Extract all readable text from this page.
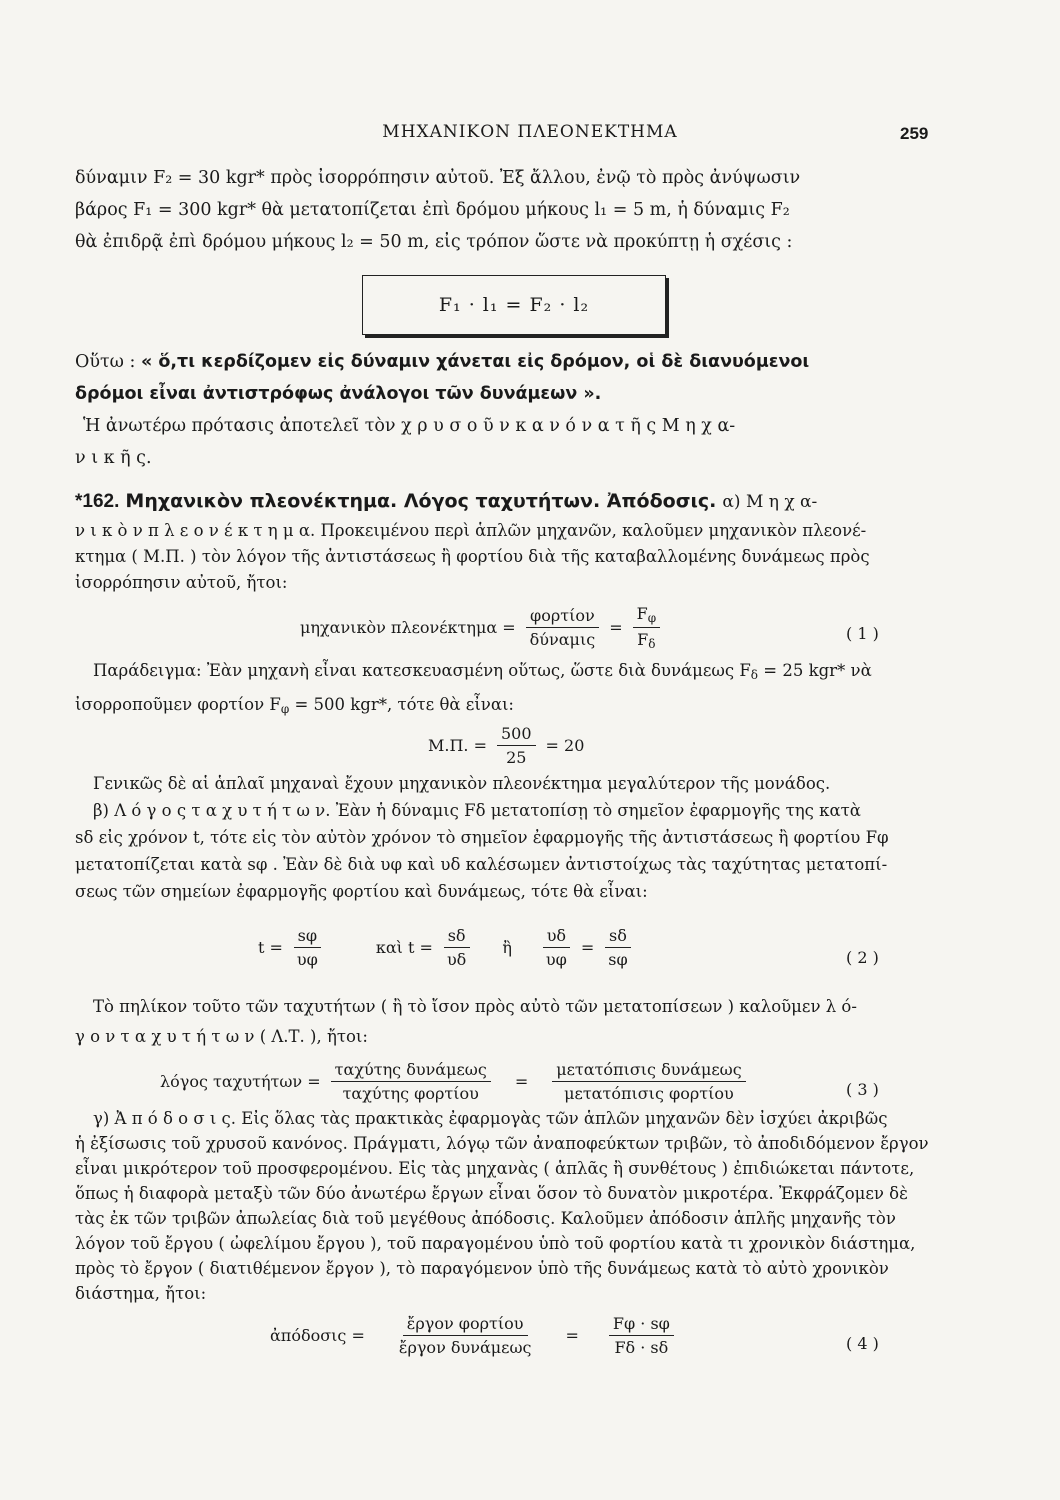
ΜΗΧΑΝΙΚΟΝ ΠΛΕΟΝΕΚΤΗΜΑ	259
δύναμιν F₂ = 30 kgr* πρὸς ἰσορρόπησιν αὐτοῦ. Ἐξ ἄλλου, ἐνῷ τὸ πρὸς ἀνύψωσιν
βάρος F₁ = 300 kgr* θὰ μετατοπίζεται ἐπὶ δρόμου μήκους l₁ = 5 m, ἡ δύναμις F₂
θὰ ἐπιδρᾷ ἐπὶ δρόμου μήκους l₂ = 50 m, εἰς τρόπον ὥστε νὰ προκύπτῃ ἡ σχέσις :
F₁ · l₁ = F₂ · l₂
Οὕτω : « ὅ,τι κερδίζομεν εἰς δύναμιν χάνεται εἰς δρόμον, οἱ δὲ διανυόμενοι
δρόμοι εἶναι ἀντιστρόφως ἀνάλογοι τῶν δυνάμεων ».
Ἡ ἀνωτέρω πρότασις ἀποτελεῖ τὸν χ ρ υ σ ο ῦ ν κ α ν ό ν α τ ῆ ς Μ η χ α-
ν ι κ ῆ ς.
*162. Μηχανικὸν πλεονέκτημα. Λόγος ταχυτήτων. Ἀπόδοσις. α) Μ η χ α-
ν ι κ ὸ ν π λ ε ο ν έ κ τ η μ α. Προκειμένου περὶ ἁπλῶν μηχανῶν, καλοῦμεν μηχανικὸν πλεονέ-
κτημα ( Μ.Π. ) τὸν λόγον τῆς ἀντιστάσεως ἢ φορτίου διὰ τῆς καταβαλλομένης δυνάμεως πρὸς
ἰσορρόπησιν αὐτοῦ, ἤτοι:
μηχανικὸν $\pi\lambda\varepsilon o\nu έ\kappa\tau\eta\mu\alpha = \frac{\text{φορτίον}}{\text{δύναμις}} = \frac{F_\varphi}{F_\delta}$	( 1 )
Παράδειγμα: Ἐὰν μηχανὴ εἶναι κατεσκευασμένη οὕτως, ὥστε διὰ δυνάμεως $F_\delta = 25$ kgr* νὰ
ἰσορροποῦμεν φορτίον $F_\varphi = 500$ kgr*, τότε θὰ εἶναι:
Μ.Π. = $\frac{500}{25} = 20$
Γενικῶς δὲ αἱ ἁπλαῖ μηχαναὶ ἔχουν μηχανικὸν πλεονέκτημα μεγαλύτερον τῆς μονάδος.
β) Λ ό γ ο ς τ α χ υ τ ή τ ω ν. Ἐὰν ἡ δύναμις Fδ μετατοπίσῃ τὸ σημεῖον ἐφαρμογῆς της κατὰ
sδ εἰς χρόνον t, τότε εἰς τὸν αὐτὸν χρόνον τὸ σημεῖον ἐφαρμογῆς τῆς ἀντιστάσεως ἢ φορτίου Fφ
μετατοπίζεται κατὰ sφ . Ἐὰν δὲ διὰ υφ καὶ υδ καλέσωμεν ἀντιστοίχως τὰς ταχύτητας μετατοπί-
σεως τῶν σημείων ἐφαρμογῆς φορτίου καὶ δυνάμεως, τότε θὰ εἶναι:
$t = \frac{s\varphi}{\upsilon\varphi}$	καὶ $t = \frac{s\delta}{\upsilon\delta}$ ἢ $\frac{\upsilon\delta}{\upsilon\varphi} = \frac{s\delta}{s\varphi}$	( 2 )
Τὸ πηλίκον τοῦτο τῶν ταχυτήτων ( ἢ τὸ ἴσον πρὸς αὐτὸ τῶν μετατοπίσεων ) καλοῦμεν λ ό-
γ ο ν τ α χ υ τ ή τ ω ν ( Λ.Τ. ), ἤτοι:
λόγος $\tau\alpha\chi\upsilon\tau ή\tau\omega\nu = \frac{\text{ταχύτης δυνάμεως}}{\text{ταχύτης φορτίου}} = \frac{\text{μετατόπισις δυνάμεως}}{\text{μετατόπισις φορτίου}}$	( 3 )
γ) Ἀ π ό δ ο σ ι ς. Εἰς ὅλας τὰς πρακτικὰς ἐφαρμογὰς τῶν ἁπλῶν μηχανῶν δὲν ἰσχύει ἀκριβῶς
ἡ ἐξίσωσις τοῦ χρυσοῦ κανόνος. Πράγματι, λόγῳ τῶν ἀναποφεύκτων τριβῶν, τὸ ἀποδιδόμενον ἔργον
εἶναι μικρότερον τοῦ προσφερομένου. Εἰς τὰς μηχανὰς ( ἁπλᾶς ἢ συνθέτους ) ἐπιδιώκεται πάντοτε,
ὅπως ἡ διαφορὰ μεταξὺ τῶν δύο ἀνωτέρω ἔργων εἶναι ὅσον τὸ δυνατὸν μικροτέρα. Ἐκφράζομεν δὲ
τὰς ἐκ τῶν τριβῶν ἀπωλείας διὰ τοῦ μεγέθους ἀπόδοσις. Καλοῦμεν ἀπόδοσιν ἁπλῆς μηχανῆς τὸν
λόγον τοῦ ἔργου ( ὠφελίμου ἔργου ), τοῦ παραγομένου ὑπὸ τοῦ φορτίου κατὰ τι χρονικὸν διάστημα,
πρὸς τὸ ἔργον ( διατιθέμενον ἔργον ), τὸ παραγόμενον ὑπὸ τῆς δυνάμεως κατὰ τὸ αὐτὸ χρονικὸν
διάστημα, ἤτοι:
ἀπόδοσις = $\frac{\text{ἔργον φορτίου}}{\text{ἔργον δυνάμεως}} = \frac{F\varphi \cdot s\varphi}{F\delta \cdot s\delta}$	( 4 )
